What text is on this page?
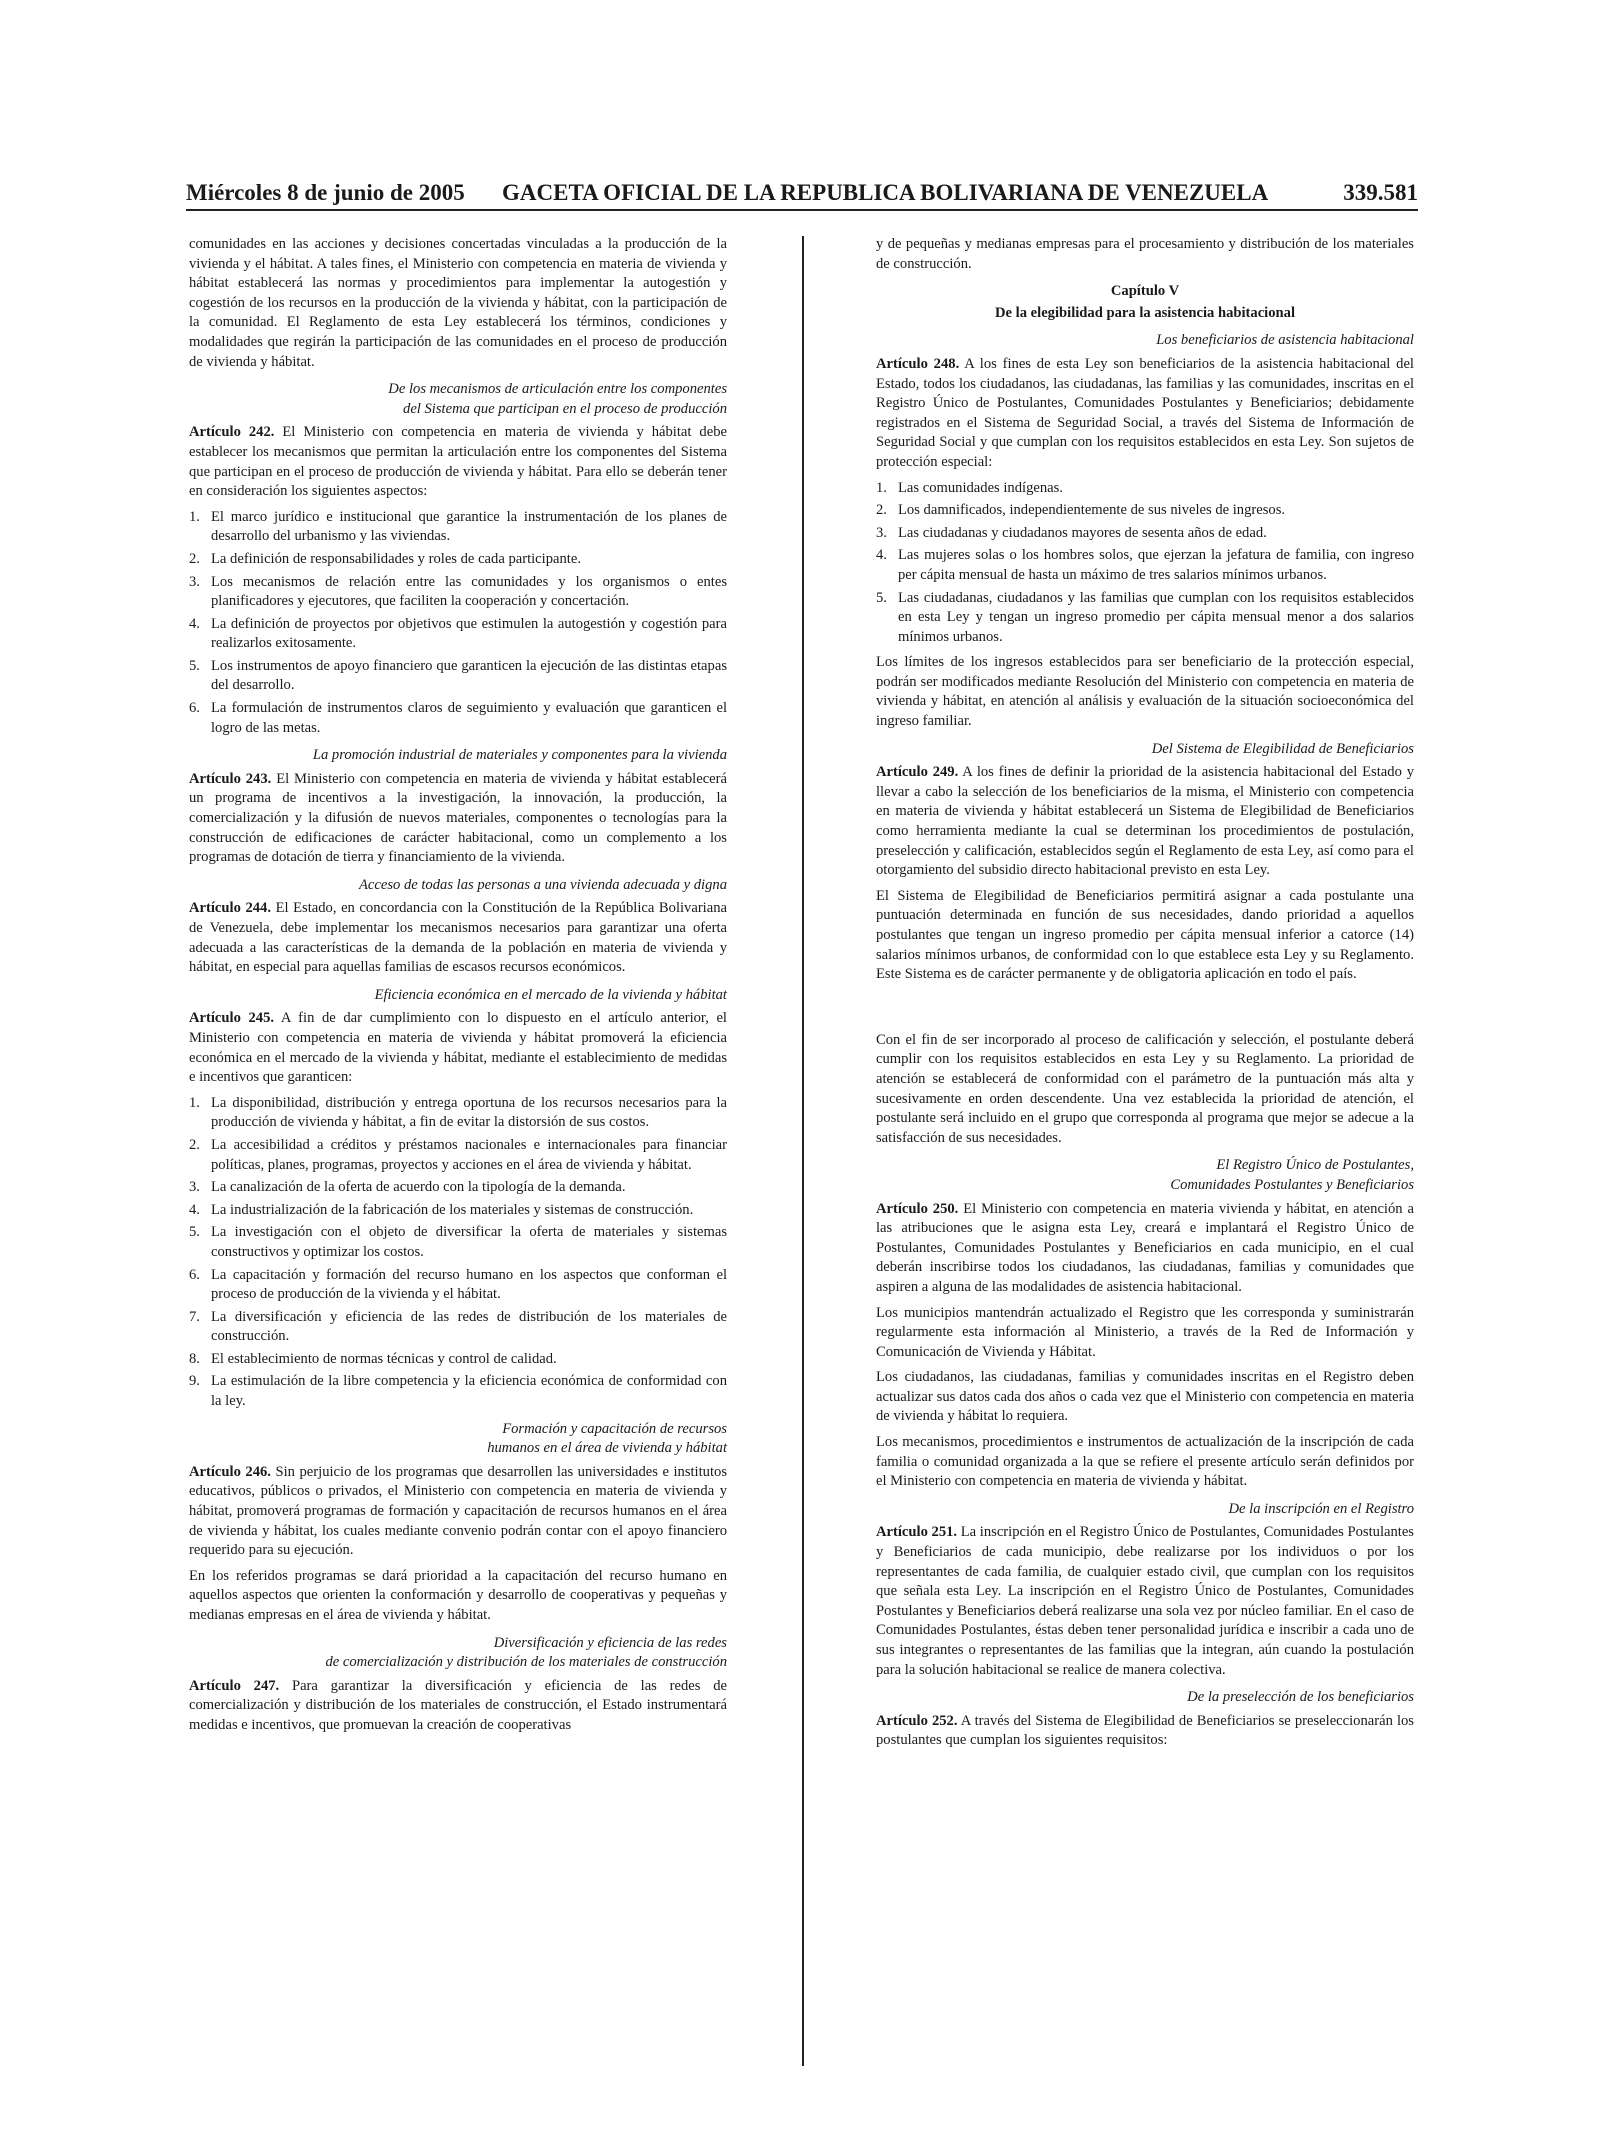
Miércoles 8 de junio de 2005 GACETA OFICIAL DE LA REPUBLICA BOLIVARIANA DE VENEZUELA	339.581

comunidades en las acciones y decisiones concertadas vinculadas a la producción de la vivienda y el hábitat. A tales fines, el Ministerio con competencia en materia de vivienda y hábitat establecerá las normas y procedimientos para implementar la autogestión y cogestión de los recursos en la producción de la vivienda y hábitat, con la participación de la comunidad. El Reglamento de esta Ley establecerá los términos, condiciones y modalidades que regirán la participación de las comunidades en el proceso de producción de vivienda y hábitat.

De los mecanismos de articulación entre los componentes
del Sistema que participan en el proceso de producción

Artículo 242. El Ministerio con competencia en materia de vivienda y hábitat debe establecer los mecanismos que permitan la articulación entre los componentes del Sistema que participan en el proceso de producción de vivienda y hábitat. Para ello se deberán tener en consideración los siguientes aspectos:

1. El marco jurídico e institucional que garantice la instrumentación de los planes de desarrollo del urbanismo y las viviendas.
2. La definición de responsabilidades y roles de cada participante.
3. Los mecanismos de relación entre las comunidades y los organismos o entes planificadores y ejecutores, que faciliten la cooperación y concertación.
4. La definición de proyectos por objetivos que estimulen la autogestión y cogestión para realizarlos exitosamente.
5. Los instrumentos de apoyo financiero que garanticen la ejecución de las distintas etapas del desarrollo.
6. La formulación de instrumentos claros de seguimiento y evaluación que garanticen el logro de las metas.
La promoción industrial de materiales y componentes para la vivienda

Artículo 243. El Ministerio con competencia en materia de vivienda y hábitat establecerá un programa de incentivos a la investigación, la innovación, la producción, la comercialización y la difusión de nuevos materiales, componentes o tecnologías para la construcción de edificaciones de carácter habitacional, como un complemento a los programas de dotación de tierra y financiamiento de la vivienda.

Acceso de todas las personas a una vivienda adecuada y digna

Artículo 244. El Estado, en concordancia con la Constitución de la República Bolivariana de Venezuela, debe implementar los mecanismos necesarios para garantizar una oferta adecuada a las características de la demanda de la población en materia de vivienda y hábitat, en especial para aquellas familias de escasos recursos económicos.

Eficiencia económica en el mercado de la vivienda y hábitat

Artículo 245. A fin de dar cumplimiento con lo dispuesto en el artículo anterior, el Ministerio con competencia en materia de vivienda y hábitat promoverá la eficiencia económica en el mercado de la vivienda y hábitat, mediante el establecimiento de medidas e incentivos que garanticen:

1. La disponibilidad, distribución y entrega oportuna de los recursos necesarios para la producción de vivienda y hábitat, a fin de evitar la distorsión de sus costos.
2. La accesibilidad a créditos y préstamos nacionales e internacionales para financiar políticas, planes, programas, proyectos y acciones en el área de vivienda y hábitat.
3. La canalización de la oferta de acuerdo con la tipología de la demanda.
4. La industrialización de la fabricación de los materiales y sistemas de construcción.
5. La investigación con el objeto de diversificar la oferta de materiales y sistemas constructivos y optimizar los costos.
6. La capacitación y formación del recurso humano en los aspectos que conforman el proceso de producción de la vivienda y el hábitat.
7. La diversificación y eficiencia de las redes de distribución de los materiales de construcción.
8. El establecimiento de normas técnicas y control de calidad.
9. La estimulación de la libre competencia y la eficiencia económica de conformidad con la ley.
Formación y capacitación de recursos
humanos en el área de vivienda y hábitat

Artículo 246. Sin perjuicio de los programas que desarrollen las universidades e institutos educativos, públicos o privados, el Ministerio con competencia en materia de vivienda y hábitat, promoverá programas de formación y capacitación de recursos humanos en el área de vivienda y hábitat, los cuales mediante convenio podrán contar con el apoyo financiero requerido para su ejecución.

En los referidos programas se dará prioridad a la capacitación del recurso humano en aquellos aspectos que orienten la conformación y desarrollo de cooperativas y pequeñas y medianas empresas en el área de vivienda y hábitat.

Diversificación y eficiencia de las redes
de comercialización y distribución de los materiales de construcción

Artículo 247. Para garantizar la diversificación y eficiencia de las redes de comercialización y distribución de los materiales de construcción, el Estado instrumentará medidas e incentivos, que promuevan la creación de cooperativas

y de pequeñas y medianas empresas para el procesamiento y distribución de los materiales de construcción.

Capítulo V
De la elegibilidad para la asistencia habitacional
Los beneficiarios de asistencia habitacional

Artículo 248. A los fines de esta Ley son beneficiarios de la asistencia habitacional del Estado, todos los ciudadanos, las ciudadanas, las familias y las comunidades, inscritas en el Registro Único de Postulantes, Comunidades Postulantes y Beneficiarios; debidamente registrados en el Sistema de Seguridad Social, a través del Sistema de Información de Seguridad Social y que cumplan con los requisitos establecidos en esta Ley. Son sujetos de protección especial:

1. Las comunidades indígenas.
2. Los damnificados, independientemente de sus niveles de ingresos.
3. Las ciudadanas y ciudadanos mayores de sesenta años de edad.
4. Las mujeres solas o los hombres solos, que ejerzan la jefatura de familia, con ingreso per cápita mensual de hasta un máximo de tres salarios mínimos urbanos.
5. Las ciudadanas, ciudadanos y las familias que cumplan con los requisitos establecidos en esta Ley y tengan un ingreso promedio per cápita mensual menor a dos salarios mínimos urbanos.

Los límites de los ingresos establecidos para ser beneficiario de la protección especial, podrán ser modificados mediante Resolución del Ministerio con competencia en materia de vivienda y hábitat, en atención al análisis y evaluación de la situación socioeconómica del ingreso familiar.

Del Sistema de Elegibilidad de Beneficiarios

Artículo 249. A los fines de definir la prioridad de la asistencia habitacional del Estado y llevar a cabo la selección de los beneficiarios de la misma, el Ministerio con competencia en materia de vivienda y hábitat establecerá un Sistema de Elegibilidad de Beneficiarios como herramienta mediante la cual se determinan los procedimientos de postulación, preselección y calificación, establecidos según el Reglamento de esta Ley, así como para el otorgamiento del subsidio directo habitacional previsto en esta Ley.

El Sistema de Elegibilidad de Beneficiarios permitirá asignar a cada postulante una puntuación determinada en función de sus necesidades, dando prioridad a aquellos postulantes que tengan un ingreso promedio per cápita mensual inferior a catorce (14) salarios mínimos urbanos, de conformidad con lo que establece esta Ley y su Reglamento. Este Sistema es de carácter permanente y de obligatoria aplicación en todo el país.

Con el fin de ser incorporado al proceso de calificación y selección, el postulante deberá cumplir con los requisitos establecidos en esta Ley y su Reglamento. La prioridad de atención se establecerá de conformidad con el parámetro de la puntuación más alta y sucesivamente en orden descendente. Una vez establecida la prioridad de atención, el postulante será incluido en el grupo que corresponda al programa que mejor se adecue a la satisfacción de sus necesidades.

El Registro Único de Postulantes,
Comunidades Postulantes y Beneficiarios

Artículo 250. El Ministerio con competencia en materia vivienda y hábitat, en atención a las atribuciones que le asigna esta Ley, creará e implantará el Registro Único de Postulantes, Comunidades Postulantes y Beneficiarios en cada municipio, en el cual deberán inscribirse todos los ciudadanos, las ciudadanas, familias y comunidades que aspiren a alguna de las modalidades de asistencia habitacional.

Los municipios mantendrán actualizado el Registro que les corresponda y suministrarán regularmente esta información al Ministerio, a través de la Red de Información y Comunicación de Vivienda y Hábitat.

Los ciudadanos, las ciudadanas, familias y comunidades inscritas en el Registro deben actualizar sus datos cada dos años o cada vez que el Ministerio con competencia en materia de vivienda y hábitat lo requiera.

Los mecanismos, procedimientos e instrumentos de actualización de la inscripción de cada familia o comunidad organizada a la que se refiere el presente artículo serán definidos por el Ministerio con competencia en materia de vivienda y hábitat.

De la inscripción en el Registro

Artículo 251. La inscripción en el Registro Único de Postulantes, Comunidades Postulantes y Beneficiarios de cada municipio, debe realizarse por los individuos o por los representantes de cada familia, de cualquier estado civil, que cumplan con los requisitos que señala esta Ley. La inscripción en el Registro Único de Postulantes, Comunidades Postulantes y Beneficiarios deberá realizarse una sola vez por núcleo familiar. En el caso de Comunidades Postulantes, éstas deben tener personalidad jurídica e inscribir a cada uno de sus integrantes o representantes de las familias que la integran, aún cuando la postulación para la solución habitacional se realice de manera colectiva.

De la preselección de los beneficiarios

Artículo 252. A través del Sistema de Elegibilidad de Beneficiarios se preseleccionarán los postulantes que cumplan los siguientes requisitos:
